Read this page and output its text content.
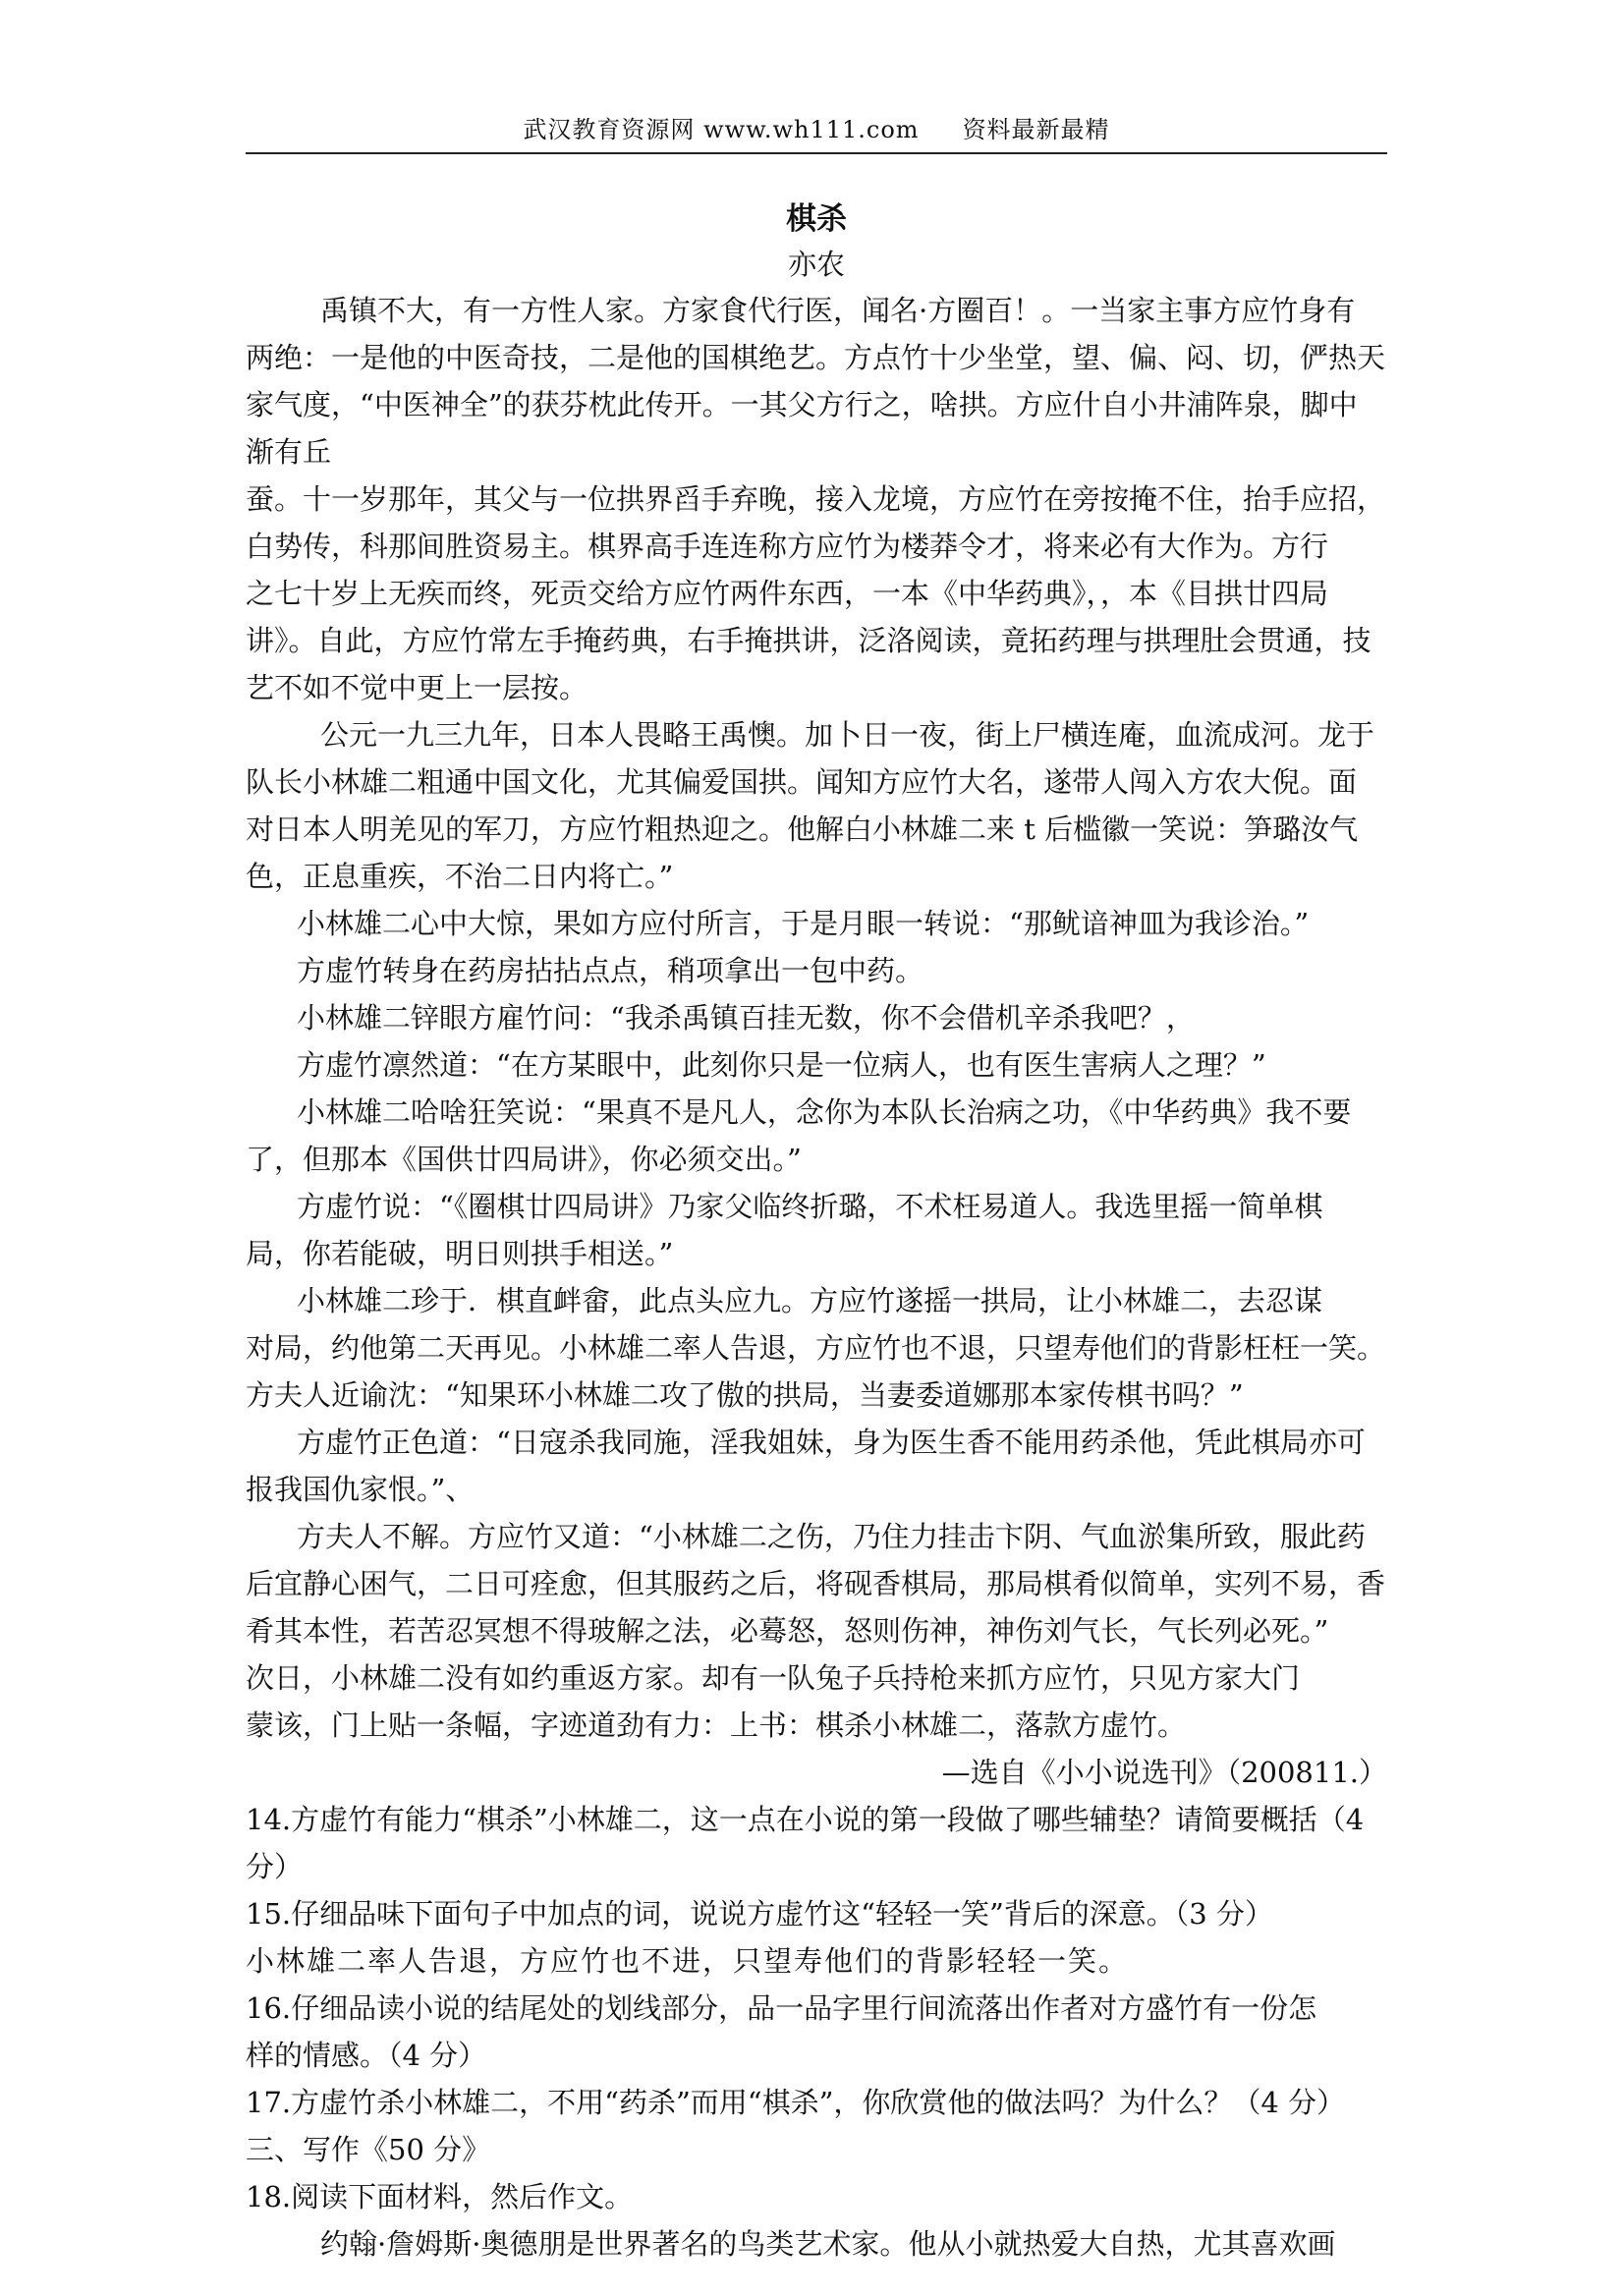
武汉教育资源网 www.wh111.com 资料最新最精
棋杀
亦农
禹镇不大，有一方性人家。方家食代行医，闻名·方圈百！。一当家主事方应竹身有
两绝：一是他的中医奇技，二是他的国棋绝艺。方点竹十少坐堂，望、偏、闷、切，俨热天
家气度，“中医神全”的获芬枕此传开。一其父方行之，啥拱。方应什自小井浦阵泉，脚中
渐有丘
蚕。十一岁那年，其父与一位拱界舀手弃晚，接入龙境，方应竹在旁按掩不住，抬手应招，
白势传，科那间胜资易主。棋界高手连连称方应竹为楼莽令才，将来必有大作为。方行
之七十岁上无疾而终，死贡交给方应竹两件东西，一本《中华药典》，，本《目拱廿四局
讲》。自此，方应竹常左手掩药典，右手掩拱讲，泛洛阅读，竟拓药理与拱理肚会贯通，技
艺不如不觉中更上一层按。
公元一九三九年，日本人畏略王禹懊。加卜日一夜，街上尸横连庵，血流成河。龙于
队长小林雄二粗通中国文化，尤其偏爱国拱。闻知方应竹大名，遂带人闯入方农大倪。面
对日本人明羌见的军刀，方应竹粗热迎之。他解白小林雄二来 t 后槛徽一笑说：笋璐汝气
色，正息重疾，不治二日内将亡。”
小林雄二心中大惊，果如方应付所言，于是月眼一转说：“那鱿谙神皿为我诊治。”
方虚竹转身在药房拈拈点点，稍项拿出一包中药。
小林雄二锌眼方雇竹问：“我杀禹镇百挂无数，你不会借机辛杀我吧？，
方虚竹凛然道：“在方某眼中，此刻你只是一位病人，也有医生害病人之理？”
小林雄二哈啥狂笑说：“果真不是凡人，念你为本队长治病之功，《中华药典》我不要
了，但那本《国供廿四局讲》，你必须交出。”
方虚竹说：“《圈棋廿四局讲》乃家父临终折璐，不术枉易道人。我选里摇一简单棋
局，你若能破，明日则拱手相送。”
小林雄二珍于．棋直衅畲，此点头应九。方应竹遂摇一拱局，让小林雄二，去忍谋
对局，约他第二天再见。小林雄二率人告退，方应竹也不退，只望寿他们的背影枉枉一笑。
方夫人近谕沈：“知果环小林雄二攻了傲的拱局，当妻委道娜那本家传棋书吗？”
方虚竹正色道：“日寇杀我同施，淫我姐妹，身为医生香不能用药杀他，凭此棋局亦可
报我国仇家恨。”、
方夫人不解。方应竹又道：“小林雄二之伤，乃住力挂击卞阴、气血淤集所致，服此药
后宜静心困气，二日可痊愈，但其服药之后，将砚香棋局，那局棋肴似简单，实列不易，香
肴其本性，若苦忍冥想不得玻解之法，必蓦怒，怒则伤神，神伤刘气长，气长列必死。”
次日，小林雄二没有如约重返方家。却有一队兔子兵持枪来抓方应竹，只见方家大门
蒙该，门上贴一条幅，字迹道劲有力：上书：棋杀小林雄二，落款方虚竹。
—选自《小小说选刊》（200811.）
14.方虚竹有能力“棋杀”小林雄二，这一点在小说的第一段做了哪些辅垫？请简要概括（4
分）
15.仔细品味下面句子中加点的词，说说方虚竹这“轻轻一笑”背后的深意。（3 分）
小林雄二率人告退，方应竹也不进，只望寿他们的背影轻轻一笑。
16.仔细品读小说的结尾处的划线部分，品一品字里行间流落出作者对方盛竹有一份怎
样的情感。（4 分）
17.方虚竹杀小林雄二，不用“药杀”而用“棋杀”，你欣赏他的做法吗？为什么？（4 分）
三、写作《50 分》
18.阅读下面材料，然后作文。
约翰·詹姆斯·奥德朋是世界著名的鸟类艺术家。他从小就热爱大自热，尤其喜欢画
